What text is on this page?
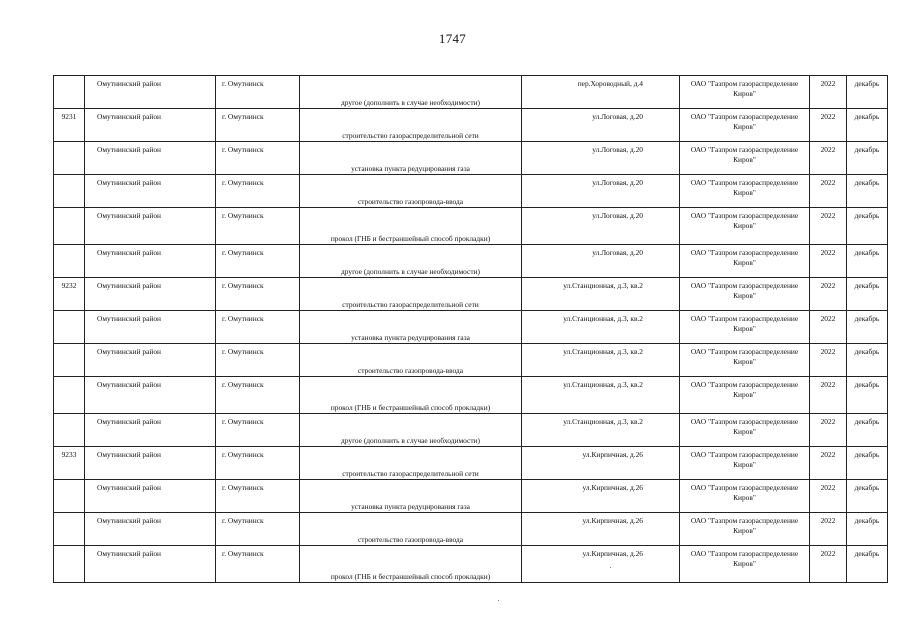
1747

	Омутнинский район	г. Омутнинск	другое (дополнить в случае необходимости)	пер.Хороводный, д.4	ОАО "Газпром газораспределение Киров"	2022	декабрь

9231	Омутнинский район	г. Омутнинск	строительство газораспределительной сети	ул.Логовая, д.20	ОАО "Газпром газораспределение Киров"	2022	декабрь

	Омутнинский район	г. Омутнинск	установка пункта редуцирования газа	ул.Логовая, д.20	ОАО "Газпром газораспределение Киров"	2022	декабрь

	Омутнинский район	г. Омутнинск	строительство газопровода-ввода	ул.Логовая, д.20	ОАО "Газпром газораспределение Киров"	2022	декабрь

	Омутнинский район	г. Омутнинск	прокол (ГНБ и бестраншейный способ прокладки)	ул.Логовая, д.20	ОАО "Газпром газораспределение Киров"	2022	декабрь

	Омутнинский район	г. Омутнинск	другое (дополнить в случае необходимости)	ул.Логовая, д.20	ОАО "Газпром газораспределение Киров"	2022	декабрь

9232	Омутнинский район	г. Омутнинск	строительство газораспределительной сети	ул.Станционная, д.3, кв.2	ОАО "Газпром газораспределение Киров"	2022	декабрь

	Омутнинский район	г. Омутнинск	установка пункта редуцирования газа	ул.Станционная, д.3, кв.2	ОАО "Газпром газораспределение Киров"	2022	декабрь

	Омутнинский район	г. Омутнинск	строительство газопровода-ввода	ул.Станционная, д.3, кв.2	ОАО "Газпром газораспределение Киров"	2022	декабрь

	Омутнинский район	г. Омутнинск	прокол (ГНБ и бестраншейный способ прокладки)	ул.Станционная, д.3, кв.2	ОАО "Газпром газораспределение Киров"	2022	декабрь

	Омутнинский район	г. Омутнинск	другое (дополнить в случае необходимости)	ул.Станционная, д.3, кв.2	ОАО "Газпром газораспределение Киров"	2022	декабрь

9233	Омутнинский район	г. Омутнинск	строительство газораспределительной сети	ул.Кирпичная, д.26	ОАО "Газпром газораспределение Киров"	2022	декабрь

	Омутнинский район	г. Омутнинск	установка пункта редуцирования газа	ул.Кирпичная, д.26	ОАО "Газпром газораспределение Киров"	2022	декабрь

	Омутнинский район	г. Омутнинск	строительство газопровода-ввода	ул.Кирпичная, д.26	ОАО "Газпром газораспределение Киров"	2022	декабрь

	Омутнинский район	г. Омутнинск	прокол (ГНБ и бестраншейный способ прокладки)	ул.Кирпичная, д.26	ОАО "Газпром газораспределение Киров"	2022	декабрь
